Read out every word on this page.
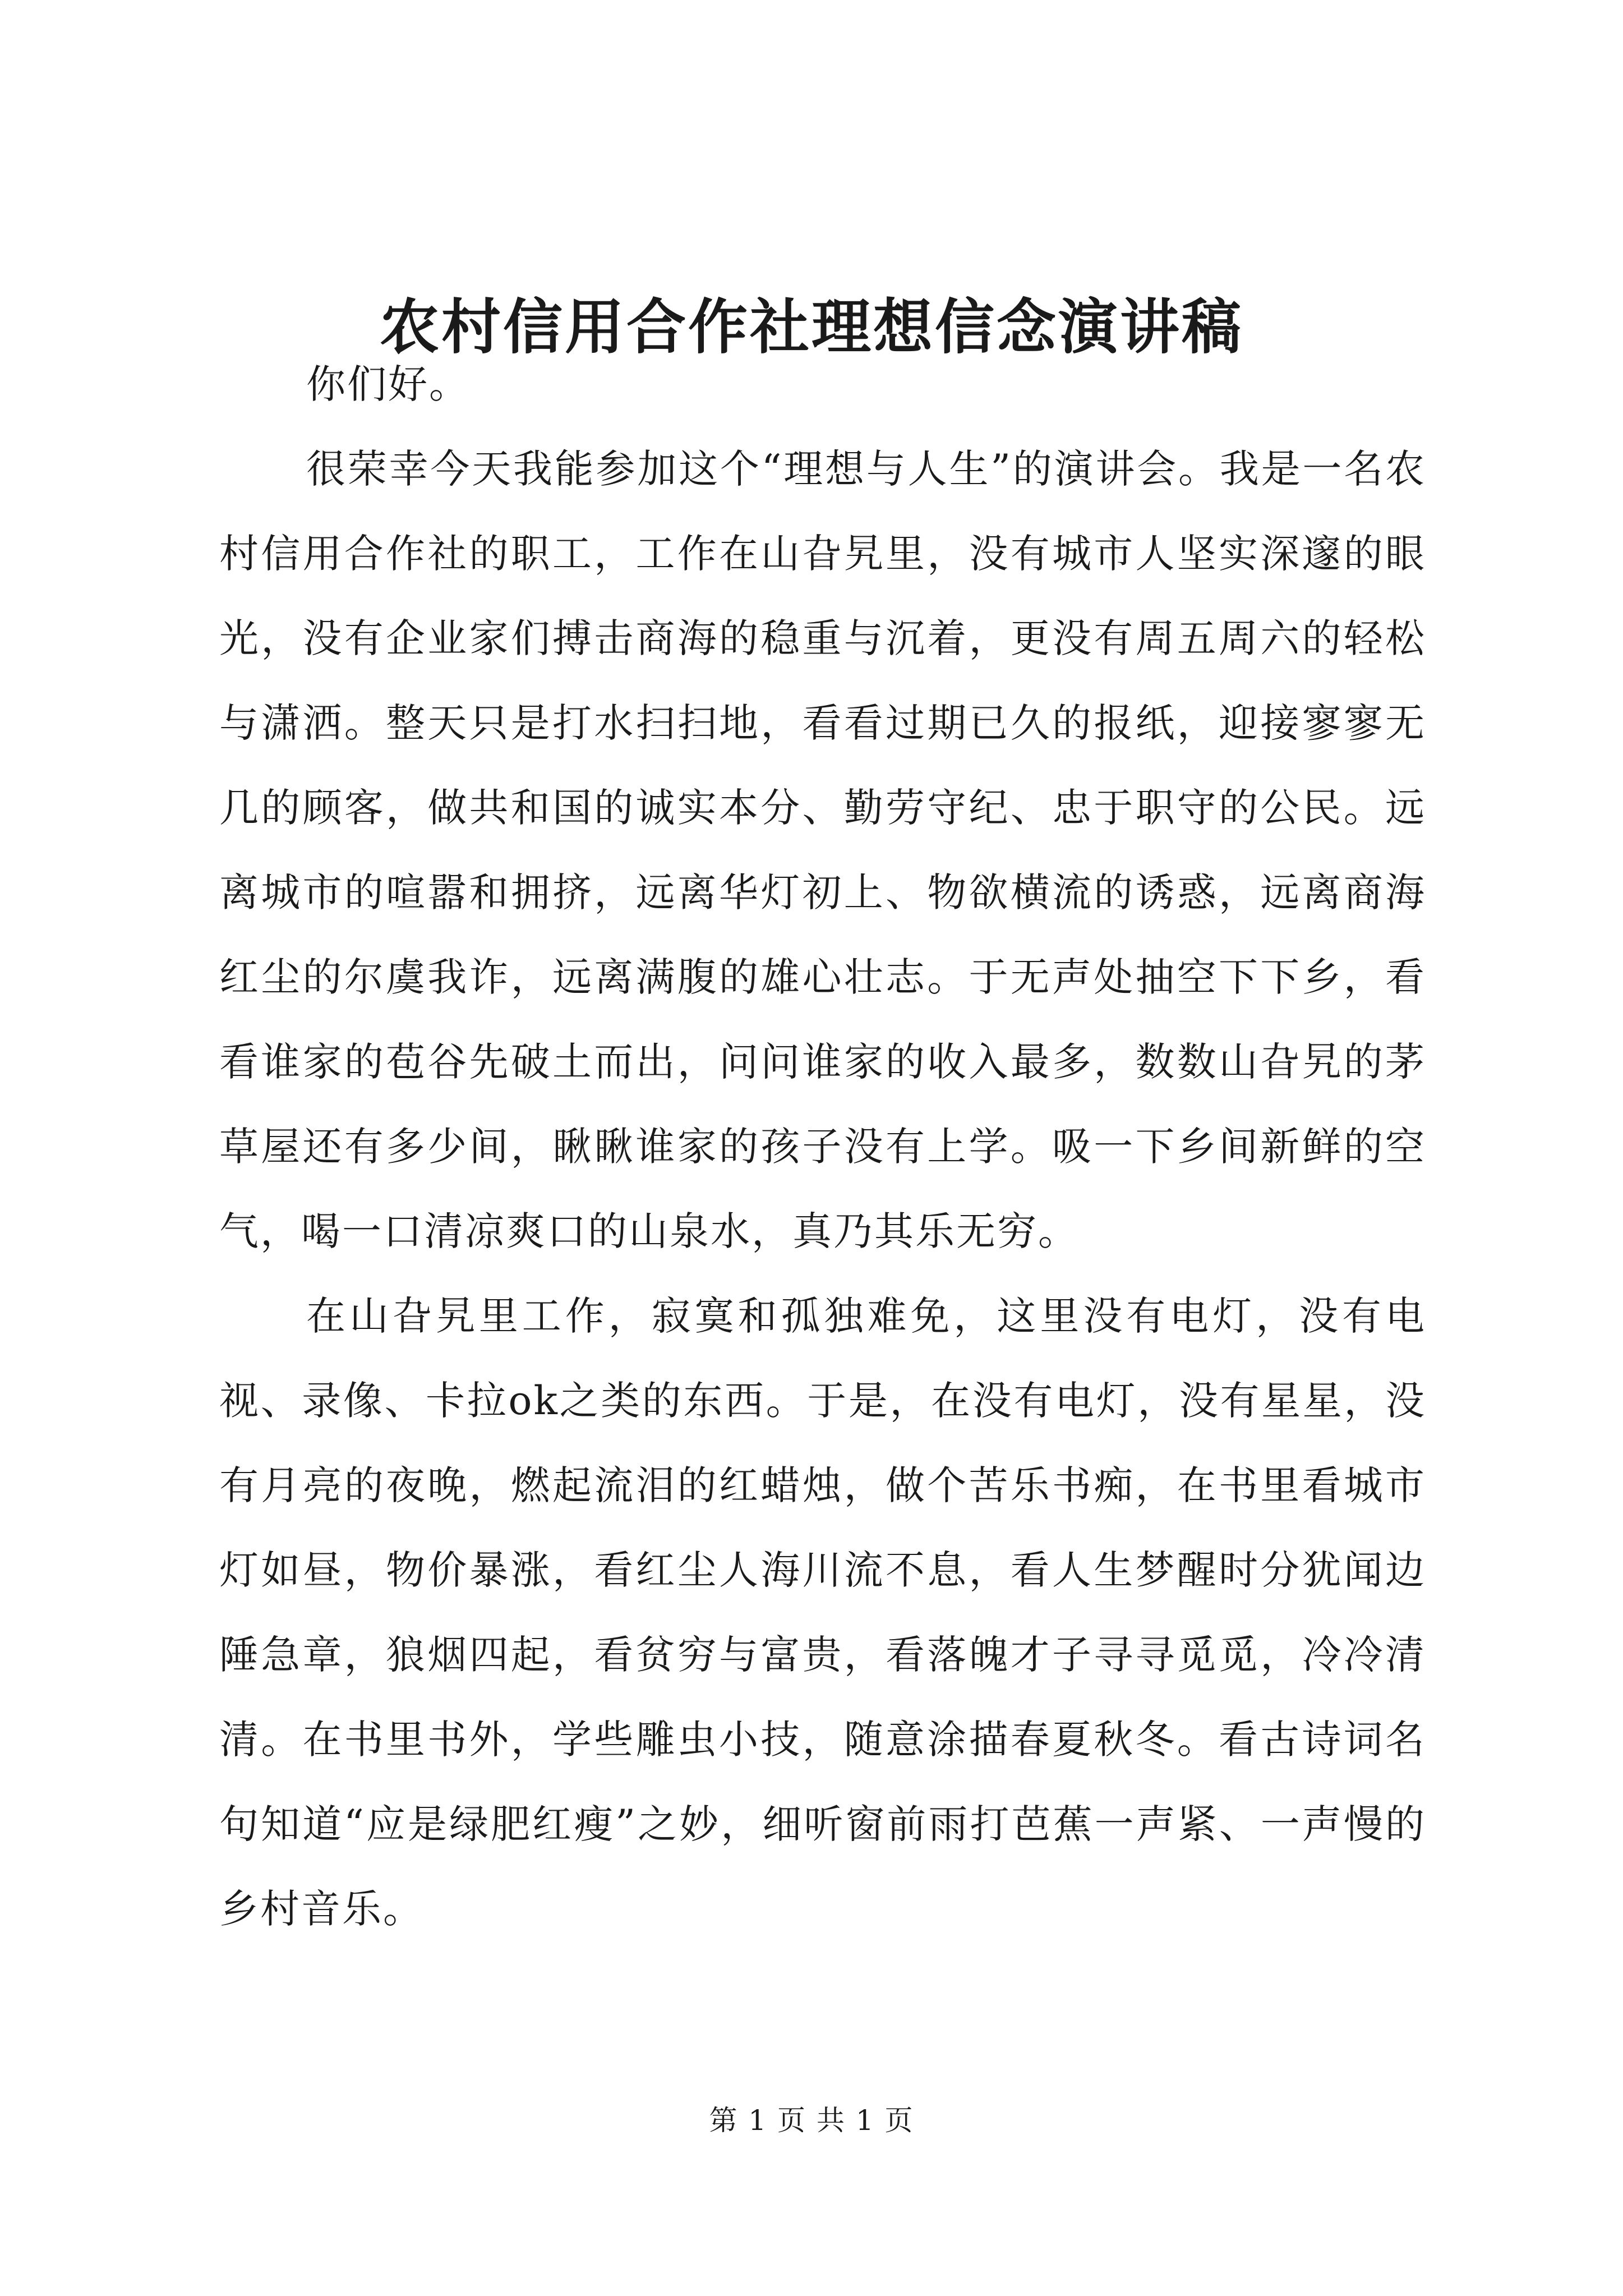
农村信用合作社理想信念演讲稿

你们好。

很荣幸今天我能参加这个“理想与人生”的演讲会。我是一名农村信用合作社的职工，工作在山旮旯里，没有城市人坚实深邃的眼光，没有企业家们搏击商海的稳重与沉着，更没有周五周六的轻松与潇洒。整天只是打水扫扫地，看看过期已久的报纸，迎接寥寥无几的顾客，做共和国的诚实本分、勤劳守纪、忠于职守的公民。远离城市的喧嚣和拥挤，远离华灯初上、物欲横流的诱惑，远离商海红尘的尔虞我诈，远离满腹的雄心壮志。于无声处抽空下下乡，看看谁家的苞谷先破土而出，问问谁家的收入最多，数数山旮旯的茅草屋还有多少间，瞅瞅谁家的孩子没有上学。吸一下乡间新鲜的空气，喝一口清凉爽口的山泉水，真乃其乐无穷。

在山旮旯里工作，寂寞和孤独难免，这里没有电灯，没有电视、录像、卡拉ok之类的东西。于是，在没有电灯，没有星星，没有月亮的夜晚，燃起流泪的红蜡烛，做个苦乐书痴，在书里看城市灯如昼，物价暴涨，看红尘人海川流不息，看人生梦醒时分犹闻边陲急章，狼烟四起，看贫穷与富贵，看落魄才子寻寻觅觅，冷冷清清。在书里书外，学些雕虫小技，随意涂描春夏秋冬。看古诗词名句知道“应是绿肥红瘦”之妙，细听窗前雨打芭蕉一声紧、一声慢的乡村音乐。

第 1 页 共 1 页
